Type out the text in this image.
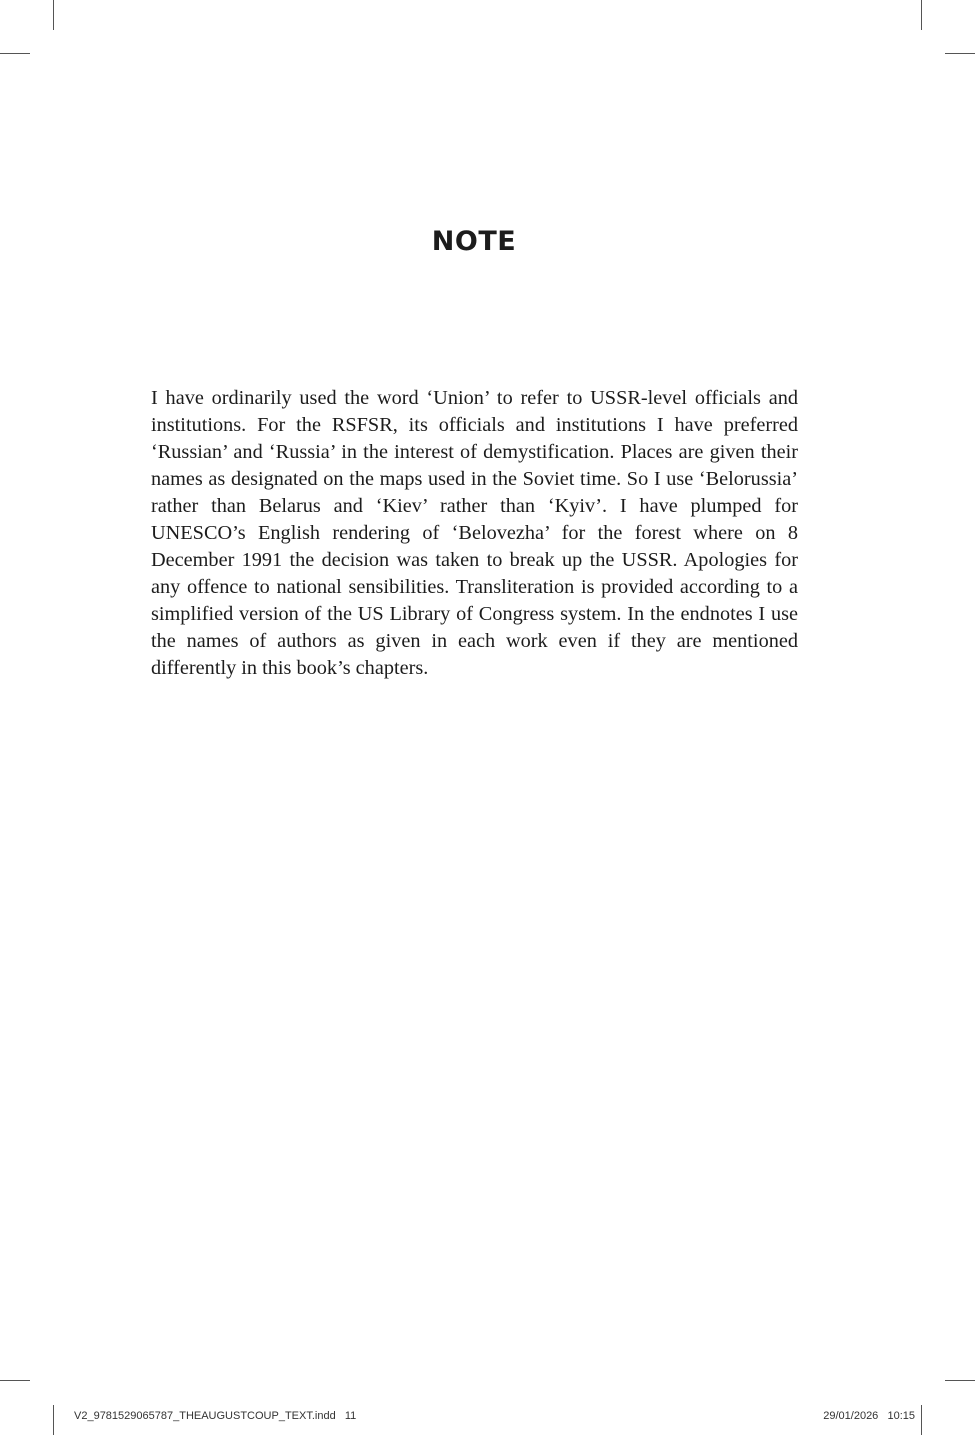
NOTE
I have ordinarily used the word ‘Union’ to refer to USSR-level officials and institutions. For the RSFSR, its officials and institutions I have preferred ‘Russian’ and ‘Russia’ in the interest of demystification. Places are given their names as designated on the maps used in the Soviet time. So I use ‘Belorussia’ rather than Belarus and ‘Kiev’ rather than ‘Kyiv’. I have plumped for UNESCO’s English rendering of ‘Belovezha’ for the forest where on 8 December 1991 the decision was taken to break up the USSR. Apologies for any offence to national sensibilities. Transliteration is provided according to a simplified version of the US Library of Congress system. In the endnotes I use the names of authors as given in each work even if they are mentioned differently in this book’s chapters.
V2_9781529065787_THEAUGUSTCOUP_TEXT.indd   11	29/01/2026   10:15
